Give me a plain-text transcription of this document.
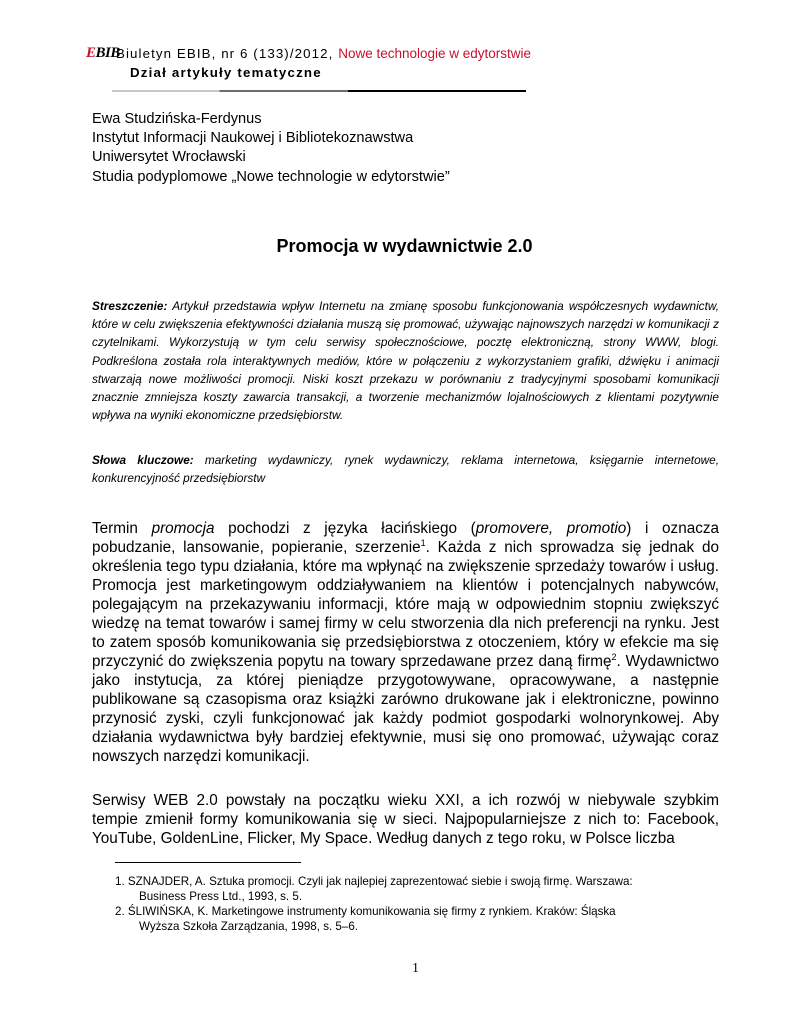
EBIB
Biuletyn EBIB, nr 6 (133)/2012, Nowe technologie w edytorstwie
Dział artykuły tematyczne
Ewa Studzińska-Ferdynus
Instytut Informacji Naukowej i Bibliotekoznawstwa
Uniwersytet Wrocławski
Studia podyplomowe „Nowe technologie w edytorstwie”
Promocja w wydawnictwie 2.0
Streszczenie: Artykuł przedstawia wpływ Internetu na zmianę sposobu funkcjonowania współczesnych wydawnictw, które w celu zwiększenia efektywności działania muszą się promować, używając najnowszych narzędzi w komunikacji z czytelnikami. Wykorzystują w tym celu serwisy społecznościowe, pocztę elektroniczną, strony WWW, blogi. Podkreślona została rola interaktywnych mediów, które w połączeniu z wykorzystaniem grafiki, dźwięku i animacji stwarzają nowe możliwości promocji. Niski koszt przekazu w porównaniu z tradycyjnymi sposobami komunikacji znacznie zmniejsza koszty zawarcia transakcji, a tworzenie mechanizmów lojalnościowych z klientami pozytywnie wpływa na wyniki ekonomiczne przedsiębiorstw.
Słowa kluczowe: marketing wydawniczy, rynek wydawniczy, reklama internetowa, księgarnie internetowe, konkurencyjność przedsiębiorstw
Termin promocja pochodzi z języka łacińskiego (promovere, promotio) i oznacza pobudzanie, lansowanie, popieranie, szerzenie$^1$. Każda z nich sprowadza się jednak do określenia tego typu działania, które ma wpłynąć na zwiększenie sprzedaży towarów i usług. Promocja jest marketingowym oddziaływaniem na klientów i potencjalnych nabywców, polegającym na przekazywaniu informacji, które mają w odpowiednim stopniu zwiększyć wiedzę na temat towarów i samej firmy w celu stworzenia dla nich preferencji na rynku. Jest to zatem sposób komunikowania się przedsiębiorstwa z otoczeniem, który w efekcie ma się przyczynić do zwiększenia popytu na towary sprzedawane przez daną firmę$^2$. Wydawnictwo jako instytucja, za której pieniądze przygotowywane, opracowywane, a następnie publikowane są czasopisma oraz książki zarówno drukowane jak i elektroniczne, powinno przynosić zyski, czyli funkcjonować jak każdy podmiot gospodarki wolnorynkowej. Aby działania wydawnictwa były bardziej efektywnie, musi się ono promować, używając coraz nowszych narzędzi komunikacji.
Serwisy WEB 2.0 powstały na początku wieku XXI, a ich rozwój w niebywale szybkim tempie zmienił formy komunikowania się w sieci. Najpopularniejsze z nich to: Facebook, YouTube, GoldenLine, Flicker, My Space. Według danych z tego roku, w Polsce liczba
1. SZNAJDER, A. Sztuka promocji. Czyli jak najlepiej zaprezentować siebie i swoją firmę. Warszawa:
Business Press Ltd., 1993, s. 5.
2. ŚLIWIŃSKA, K. Marketingowe instrumenty komunikowania się firmy z rynkiem. Kraków: Śląska
Wyższa Szkoła Zarządzania, 1998, s. 5–6.
1
